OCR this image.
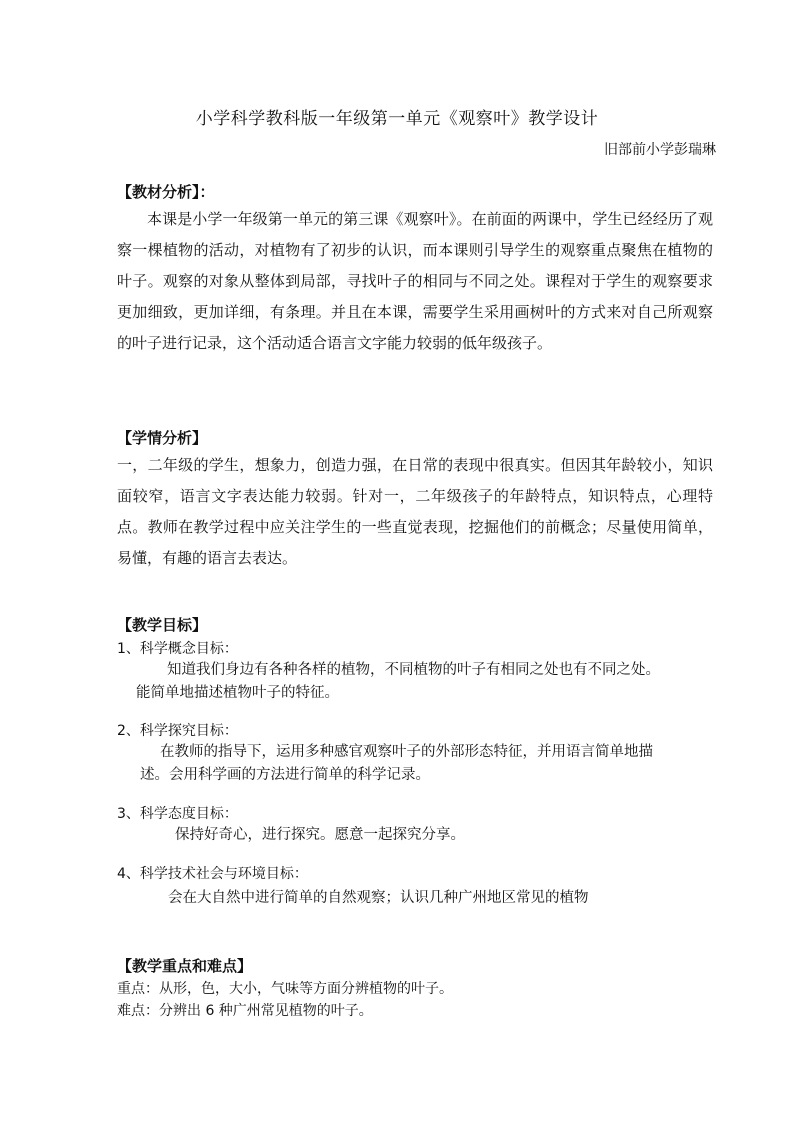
小学科学教科版一年级第一单元《观察叶》教学设计
旧部前小学彭瑞琳
【教材分析】：
本课是小学一年级第一单元的第三课《观察叶》。在前面的两课中，学生已经经历了观察一棵植物的活动，对植物有了初步的认识，而本课则引导学生的观察重点聚焦在植物的叶子。观察的对象从整体到局部，寻找叶子的相同与不同之处。课程对于学生的观察要求更加细致，更加详细，有条理。并且在本课，需要学生采用画树叶的方式来对自己所观察的叶子进行记录，这个活动适合语言文字能力较弱的低年级孩子。
【学情分析】
一，二年级的学生，想象力，创造力强，在日常的表现中很真实。但因其年龄较小，知识面较窄，语言文字表达能力较弱。针对一，二年级孩子的年龄特点，知识特点，心理特点。教师在教学过程中应关注学生的一些直觉表现，挖掘他们的前概念；尽量使用简单，易懂，有趣的语言去表达。
【教学目标】
1、科学概念目标：
知道我们身边有各种各样的植物，不同植物的叶子有相同之处也有不同之处。
能简单地描述植物叶子的特征。
2、科学探究目标：
在教师的指导下，运用多种感官观察叶子的外部形态特征，并用语言简单地描
述。会用科学画的方法进行简单的科学记录。
3、科学态度目标：
保持好奇心，进行探究。愿意一起探究分享。
4、科学技术社会与环境目标：
会在大自然中进行简单的自然观察；认识几种广州地区常见的植物
【教学重点和难点】
重点：从形，色，大小，气味等方面分辨植物的叶子。
难点：分辨出 6 种广州常见植物的叶子。
